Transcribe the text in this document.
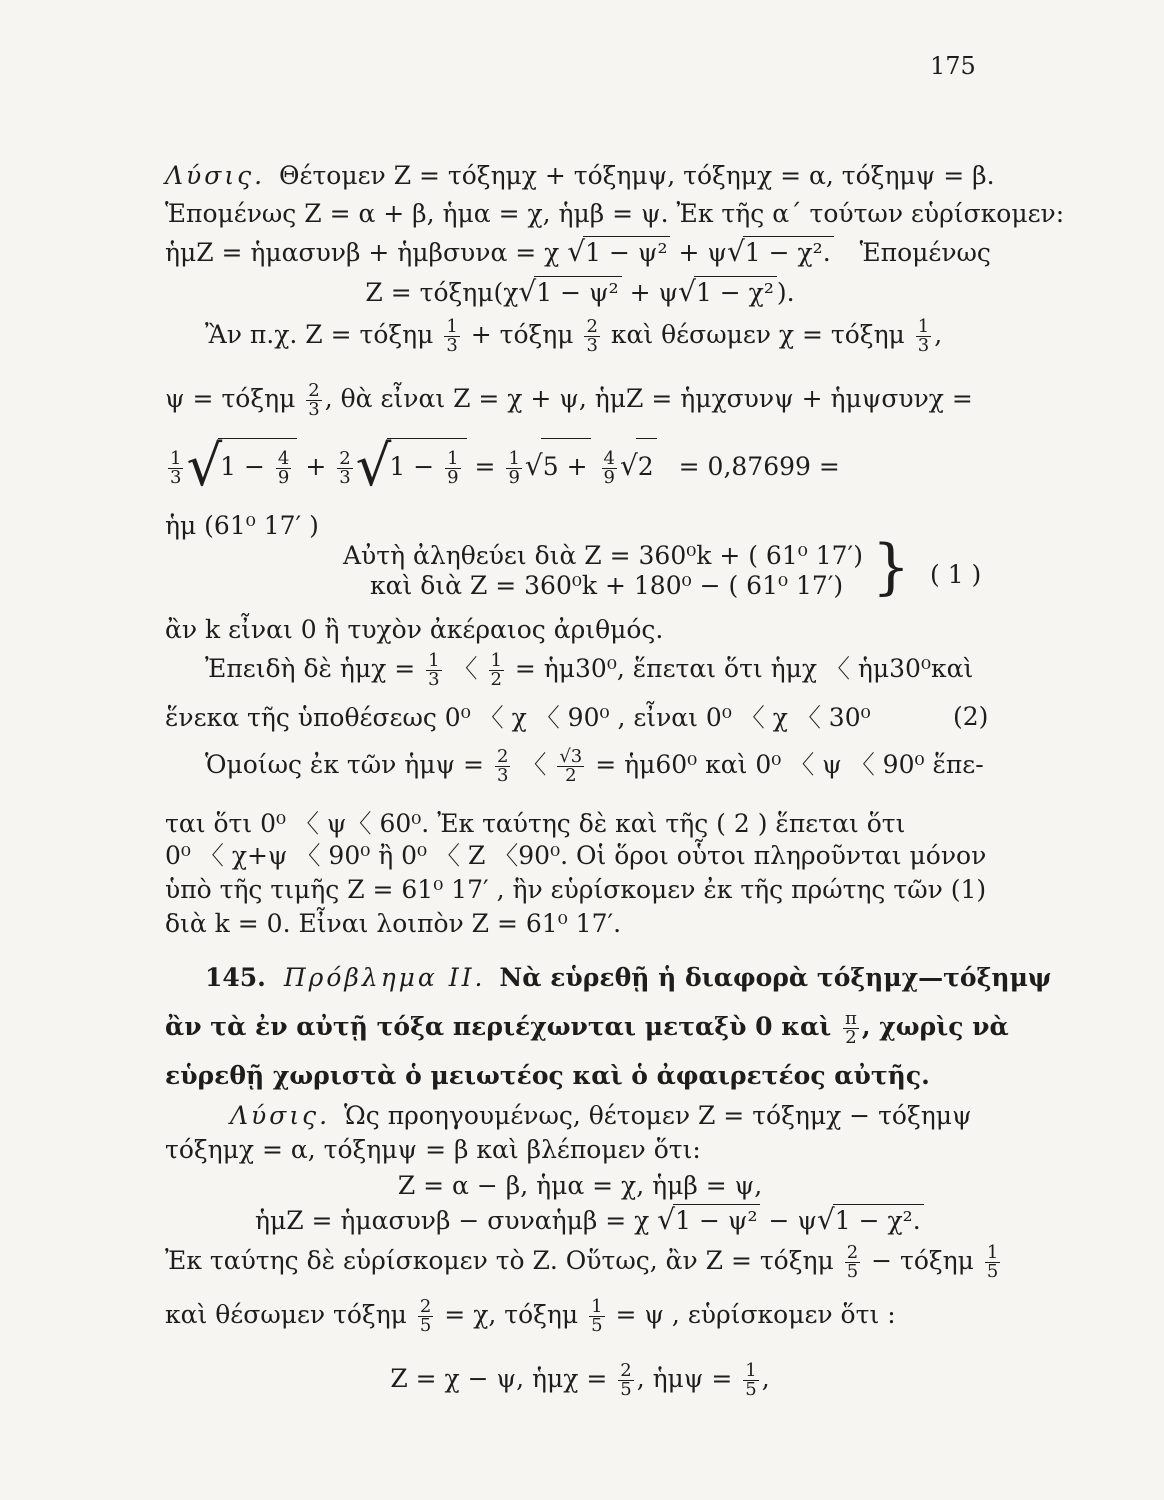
175
Λύσις. Θέτομεν Ζ = τόξημχ + τόξημψ, τόξημχ = α, τόξημψ = β.
Ἑπομένως Ζ = α + β, ἡμα = χ, ἡμβ = ψ. Ἐκ τῆς α΄ τούτων εὑρίσκομεν:
ἡμΖ = ἡμασυνβ + ἡμβσυνα = χ √1 − ψ² + ψ√1 − χ². Ἑπομένως
Ζ = τόξημ(χ√1 − ψ² + ψ√1 − χ² ).
Ἂν π.χ. Ζ = τόξημ $\frac{1}{3} + \tau ό\xi\eta\mu \frac{2}{3}$ καὶ θέσωμεν χ = τόξημ $\frac{1}{3}$ ,
ψ = τόξημ $\frac{2}{3}$ , θὰ εἶναι Ζ = χ + ψ, ἡμΖ = ἡμχσυνψ + ἡμψσυνχ =
$\frac{1}{3} √1 - \frac{4}{9} + \frac{2}{3} √1 - \frac{1}{9} = \frac{1}{9} √5 + \frac{4}{9} √2 = 0,87699$ =
ἡμ (61⁰ 17′ )
Αὐτὴ ἀληθεύει διὰ Ζ = 360⁰k + ( 61⁰ 17′)
καὶ διὰ Ζ = 360⁰k + 180⁰ − ( 61⁰ 17′) } ( 1 )
ἂν k εἶναι 0 ἢ τυχὸν ἀκέραιος ἀριθμός.
Ἐπειδὴ δὲ ἡμχ = $\frac{1}{3}$ 〈 $\frac{1}{2}$ = ἡμ30⁰, ἕπεται ὅτι ἡμχ 〈 ἡμ30⁰καὶ
ἕνεκα τῆς ὑποθέσεως 0⁰ 〈 χ 〈 90⁰ , εἶναι 0⁰ 〈 χ 〈 30⁰	(2)
Ὁμοίως ἐκ τῶν ἡμψ = $\frac{2}{3}$ 〈 $\frac{√3}{2}$ = ἡμ60⁰ καὶ 0⁰ 〈 ψ 〈 90⁰ ἕπε-
ται ὅτι 0⁰ 〈 ψ〈 60⁰. Ἐκ ταύτης δὲ καὶ τῆς ( 2 ) ἕπεται ὅτι
0⁰ 〈 χ+ψ 〈 90⁰ ἢ 0⁰ 〈 Ζ 〈90⁰. Οἱ ὅροι οὗτοι πληροῦνται μόνον
ὑπὸ τῆς τιμῆς Ζ = 61⁰ 17′ , ἣν εὑρίσκομεν ἐκ τῆς πρώτης τῶν (1)
διὰ k = 0. Εἶναι λοιπὸν Ζ = 61⁰ 17′.
145. Πρόβλημα ΙΙ. Νὰ εὑρεθῇ ἡ διαφορὰ τόξημχ—τόξημψ
ἂν τὰ ἐν αὐτῇ τόξα περιέχωνται μεταξὺ 0 καὶ $\frac{\pi}{2}$ , χωρὶς νὰ
εὑρεθῇ χωριστὰ ὁ μειωτέος καὶ ὁ ἀφαιρετέος αὐτῆς.
Λύσις. Ὡς προηγουμένως, θέτομεν Ζ = τόξημχ − τόξημψ
τόξημχ = α, τόξημψ = β καὶ βλέπομεν ὅτι:
Ζ = α − β, ἡμα = χ, ἡμβ = ψ,
ἡμΖ = ἡμασυνβ − συναἡμβ = χ √1 − ψ² − ψ√1 − χ².
Ἐκ ταύτης δὲ εὑρίσκομεν τὸ Ζ. Οὕτως, ἂν Ζ = τόξημ $\frac{2}{5} - \tau ό\xi\eta\mu \frac{1}{5}$
καὶ θέσωμεν τόξημ $\frac{2}{5} = \chi$, τόξημ $\frac{1}{5} = \psi$ , εὑρίσκομεν ὅτι :
Ζ = χ − ψ, ἡμχ = $\frac{2}{5}$ , ἡμψ = $\frac{1}{5}$ ,
